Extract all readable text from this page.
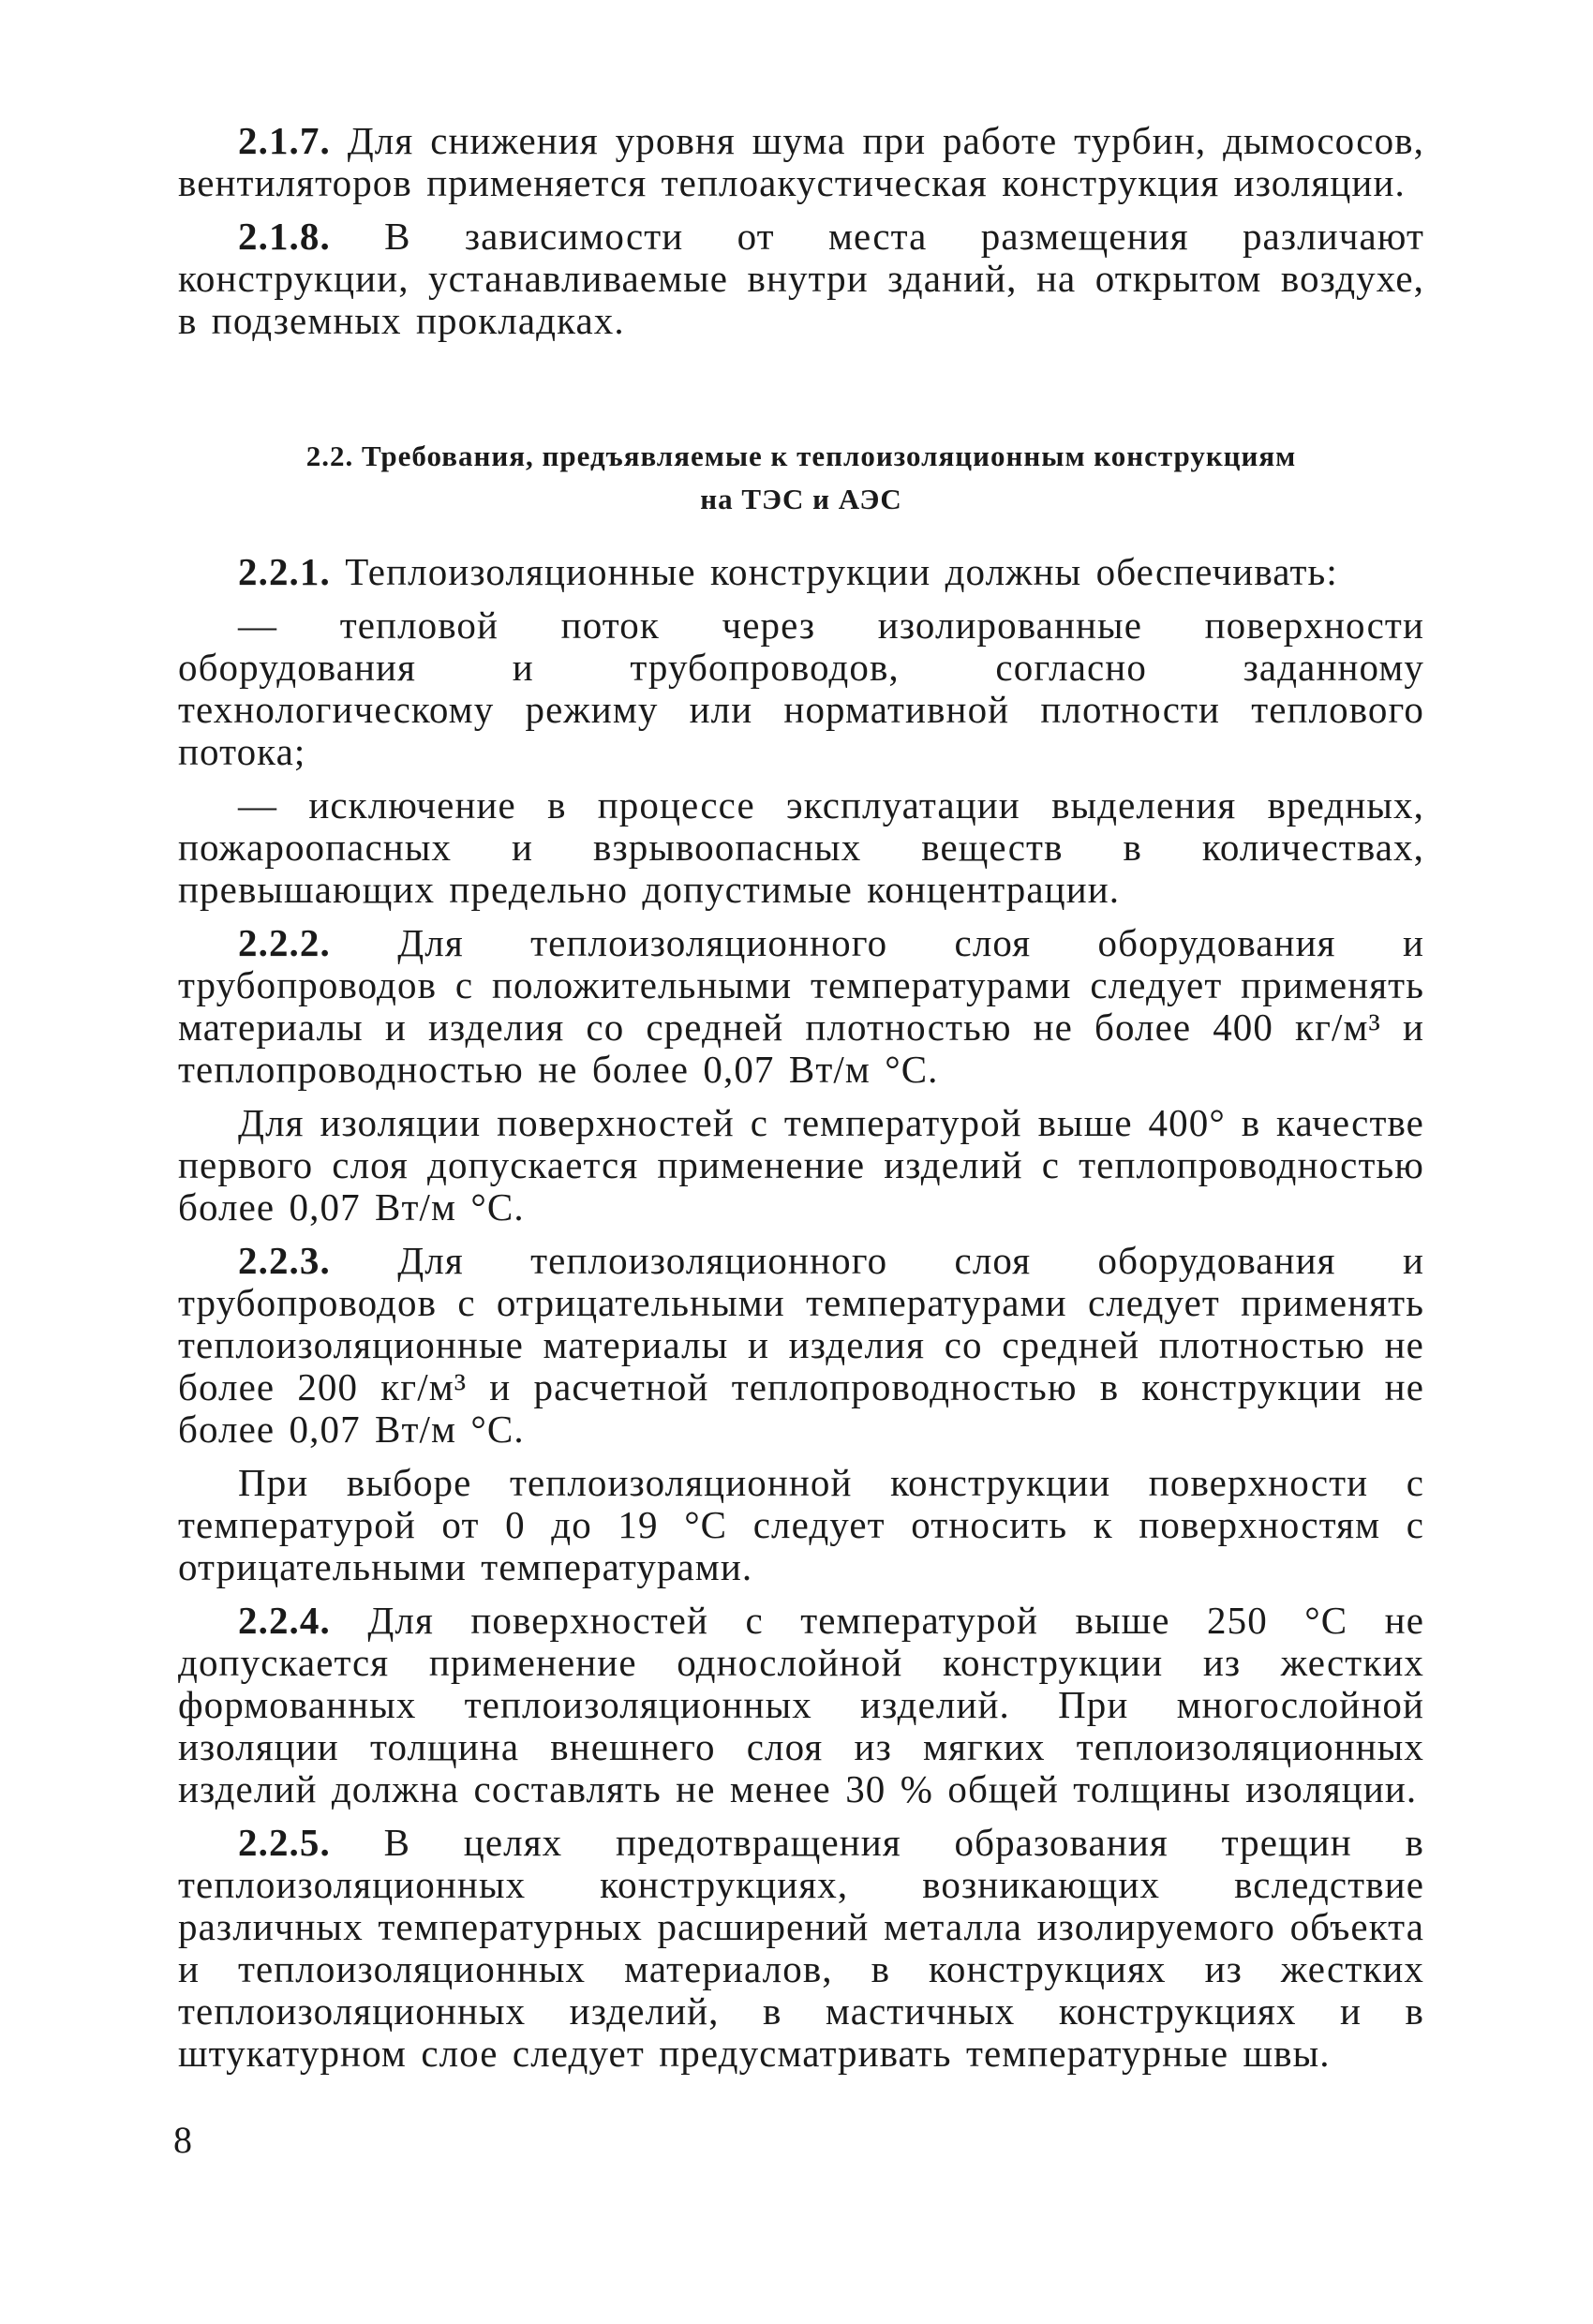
2.1.7. Для снижения уровня шума при работе турбин, дымососов, вентиляторов применяется теплоакустическая конструкция изоляции.

2.1.8. В зависимости от места размещения различают конструкции, устанавливаемые внутри зданий, на открытом воздухе, в подземных прокладках.

2.2. Требования, предъявляемые к теплоизоляционным конструкциям
на ТЭС и АЭС

2.2.1. Теплоизоляционные конструкции должны обеспечивать:

— тепловой поток через изолированные поверхности оборудования и трубопроводов, согласно заданному технологическому режиму или нормативной плотности теплового потока;

— исключение в процессе эксплуатации выделения вредных, пожароопасных и взрывоопасных веществ в количествах, превышающих предельно допустимые концентрации.

2.2.2. Для теплоизоляционного слоя оборудования и трубопроводов с положительными температурами следует применять материалы и изделия со средней плотностью не более 400 кг/м³ и теплопроводностью не более 0,07 Вт/м °С.

Для изоляции поверхностей с температурой выше 400° в качестве первого слоя допускается применение изделий с теплопроводностью более 0,07 Вт/м °С.

2.2.3. Для теплоизоляционного слоя оборудования и трубопроводов с отрицательными температурами следует применять теплоизоляционные материалы и изделия со средней плотностью не более 200 кг/м³ и расчетной теплопроводностью в конструкции не более 0,07 Вт/м °С.

При выборе теплоизоляционной конструкции поверхности с температурой от 0 до 19 °С следует относить к поверхностям с отрицательными температурами.

2.2.4. Для поверхностей с температурой выше 250 °С не допускается применение однослойной конструкции из жестких формованных теплоизоляционных изделий. При многослойной изоляции толщина внешнего слоя из мягких теплоизоляционных изделий должна составлять не менее 30 % общей толщины изоляции.

2.2.5. В целях предотвращения образования трещин в теплоизоляционных конструкциях, возникающих вследствие различных температурных расширений металла изолируемого объекта и теплоизоляционных материалов, в конструкциях из жестких теплоизоляционных изделий, в мастичных конструкциях и в штукатурном слое следует предусматривать температурные швы.

8
